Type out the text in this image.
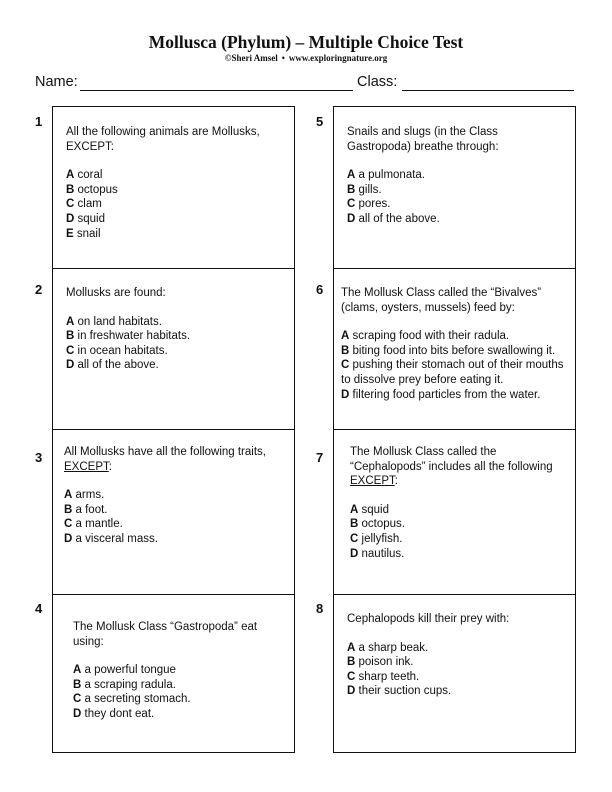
Mollusca (Phylum) – Multiple Choice Test
©Sheri Amsel • www.exploringnature.org
Name:	Class:
1
2
3
4
5
6
7
8

All the following animals are Mollusks,
EXCEPT:

A coral
B octopus
C clam
D squid
E snail

Mollusks are found:

A on land habitats.
B in freshwater habitats.
C in ocean habitats.
D all of the above.

All Mollusks have all the following traits,
EXCEPT:

A arms.
B a foot.
C a mantle.
D a visceral mass.

The Mollusk Class “Gastropoda” eat using:

A a powerful tongue
B a scraping radula.
C a secreting stomach.
D they dont eat.

Snails and slugs (in the Class Gastropoda) breathe through:

A a pulmonata.
B gills.
C pores.
D all of the above.

The Mollusk Class called the “Bivalves” (clams, oysters, mussels) feed by:

A scraping food with their radula.
B biting food into bits before swallowing it.
C pushing their stomach out of their mouths to dissolve prey before eating it.
D filtering food particles from the water.

The Mollusk Class called the “Cephalopods” includes all the following EXCEPT:

A squid
B octopus.
C jellyfish.
D nautilus.

Cephalopods kill their prey with:

A a sharp beak.
B poison ink.
C sharp teeth.
D their suction cups.
